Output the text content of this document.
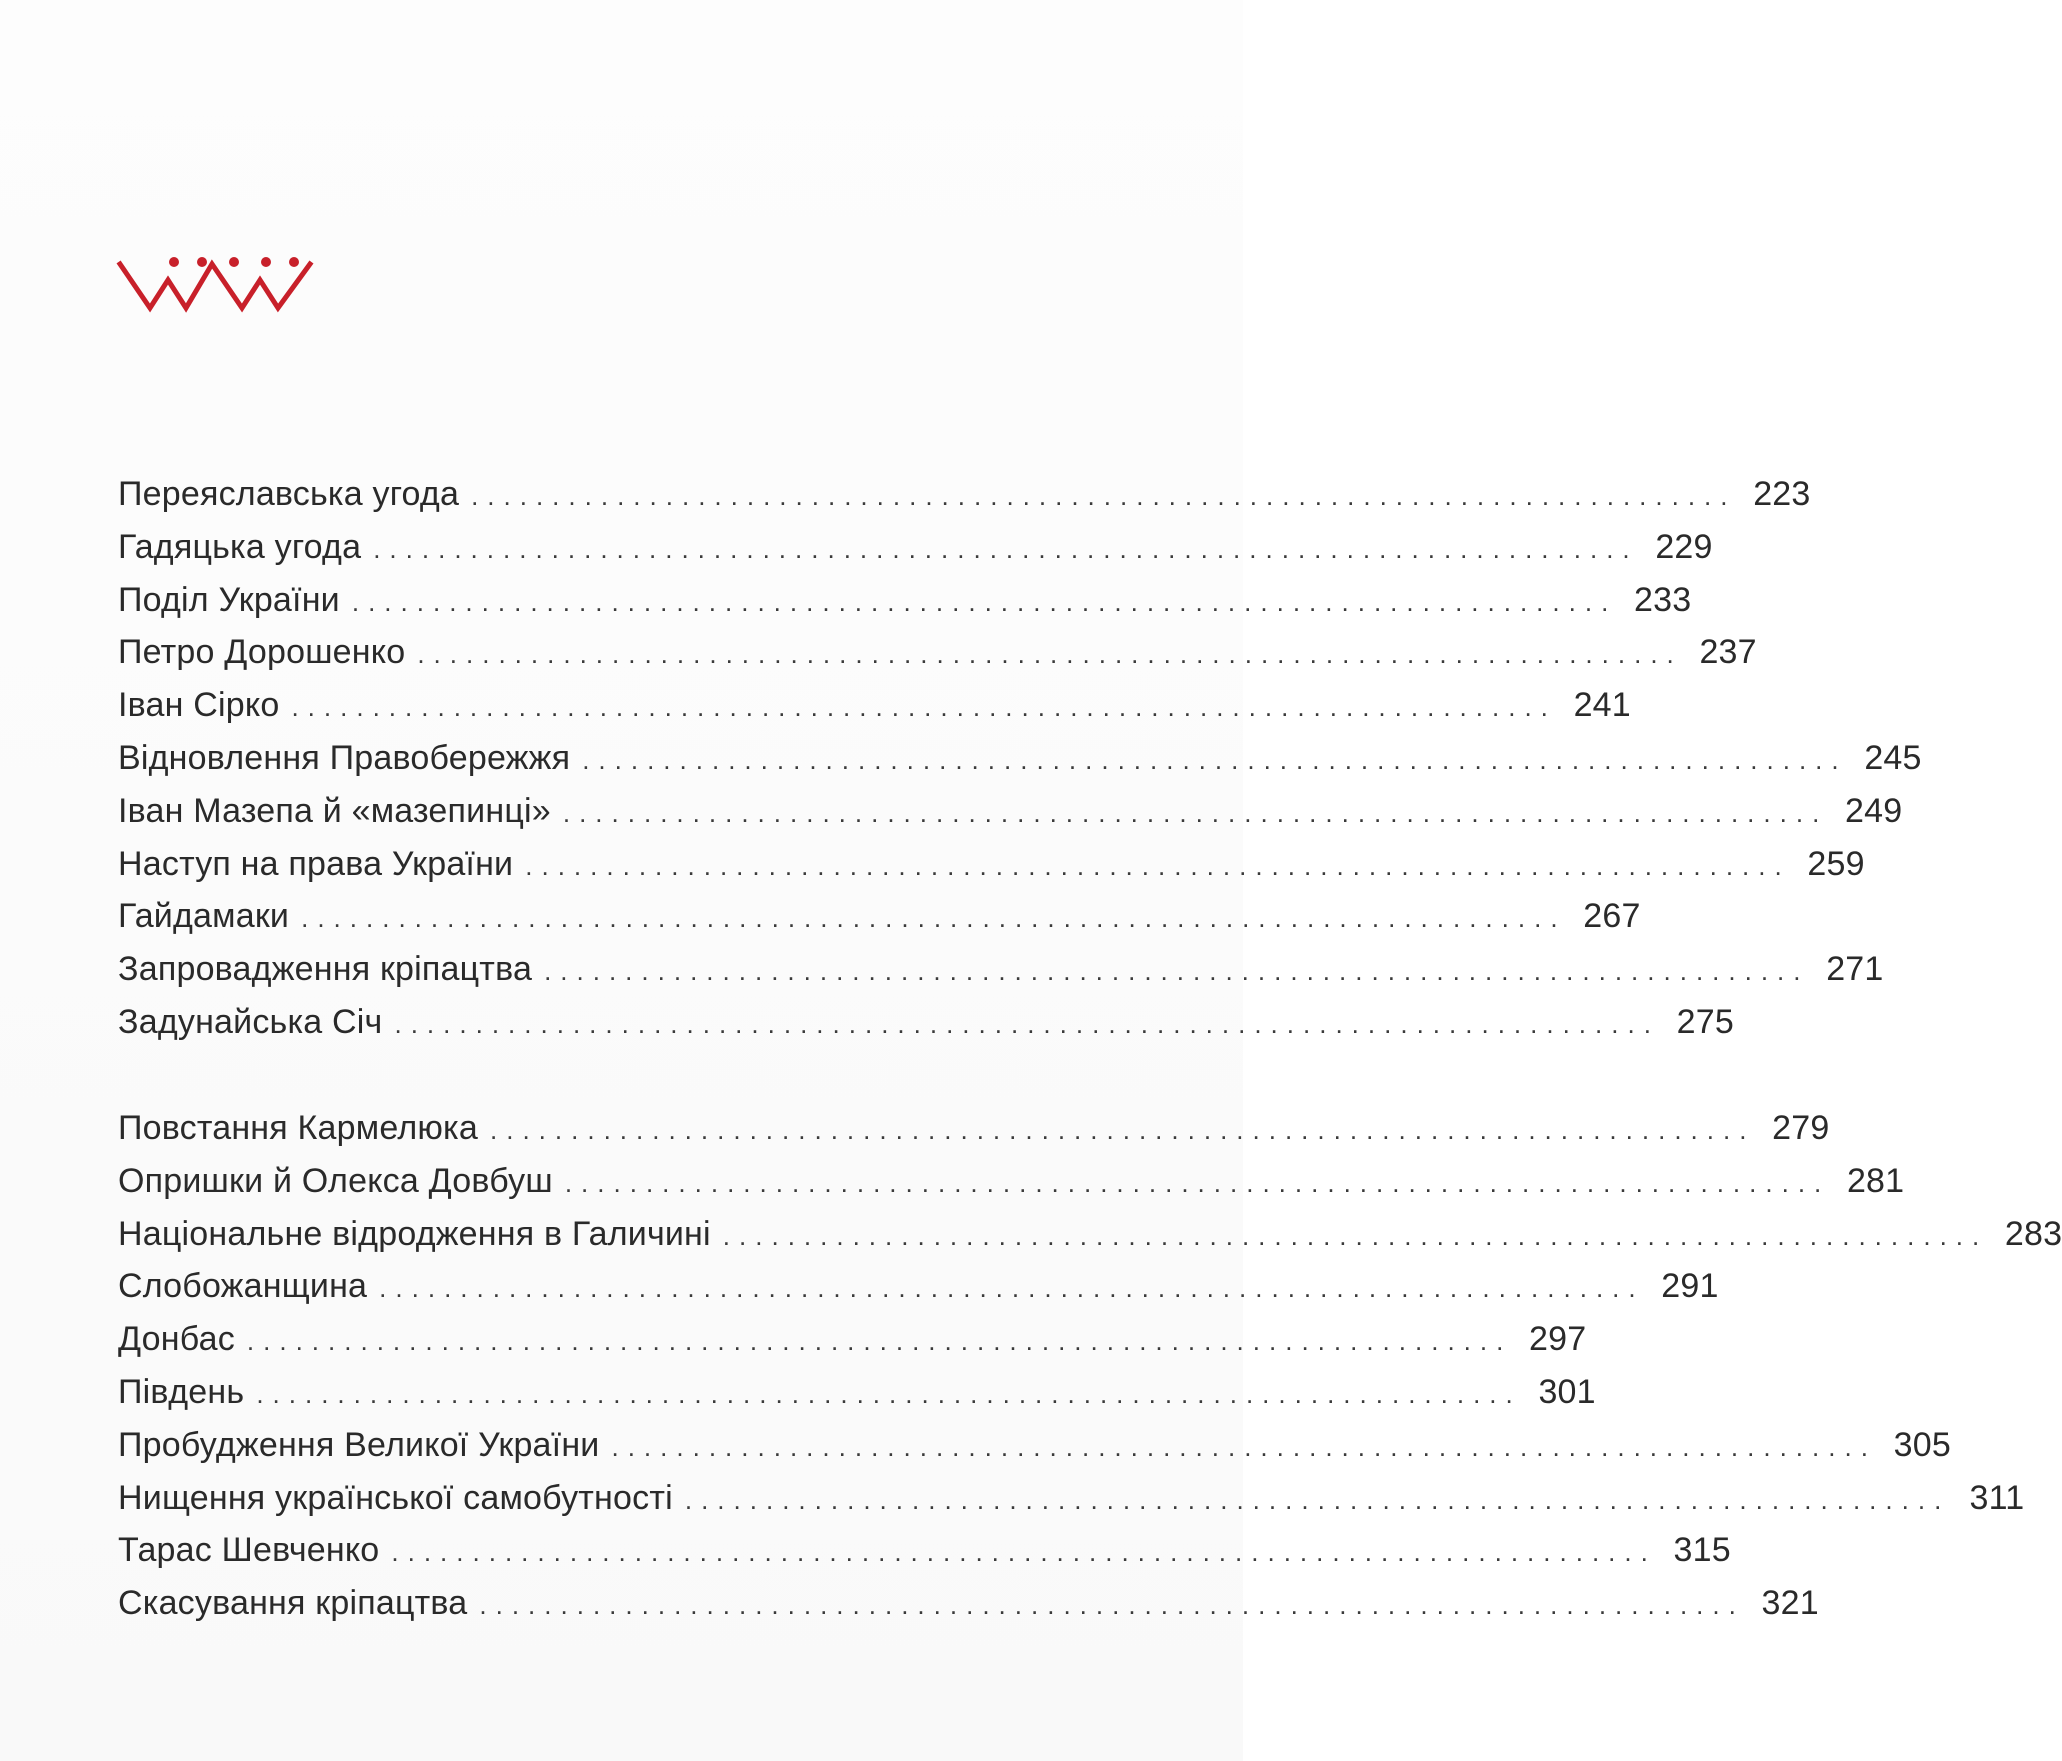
Переяславська угода .............................................................................. 223
Гадяцька угода .............................................................................. 229
Поділ України .............................................................................. 233
Петро Дорошенко .............................................................................. 237
Іван Сірко .............................................................................. 241
Відновлення Правобережжя .............................................................................. 245
Іван Мазепа й «мазепинці» .............................................................................. 249
Наступ на права України .............................................................................. 259
Гайдамаки .............................................................................. 267
Запровадження кріпацтва .............................................................................. 271
Задунайська Січ .............................................................................. 275
Повстання Кармелюка .............................................................................. 279
Опришки й Олекса Довбуш .............................................................................. 281
Національне відродження в Галичині .............................................................................. 283
Слобожанщина .............................................................................. 291
Донбас .............................................................................. 297
Південь .............................................................................. 301
Пробудження Великої України .............................................................................. 305
Нищення української самобутності .............................................................................. 311
Тарас Шевченко .............................................................................. 315
Скасування кріпацтва .............................................................................. 321
